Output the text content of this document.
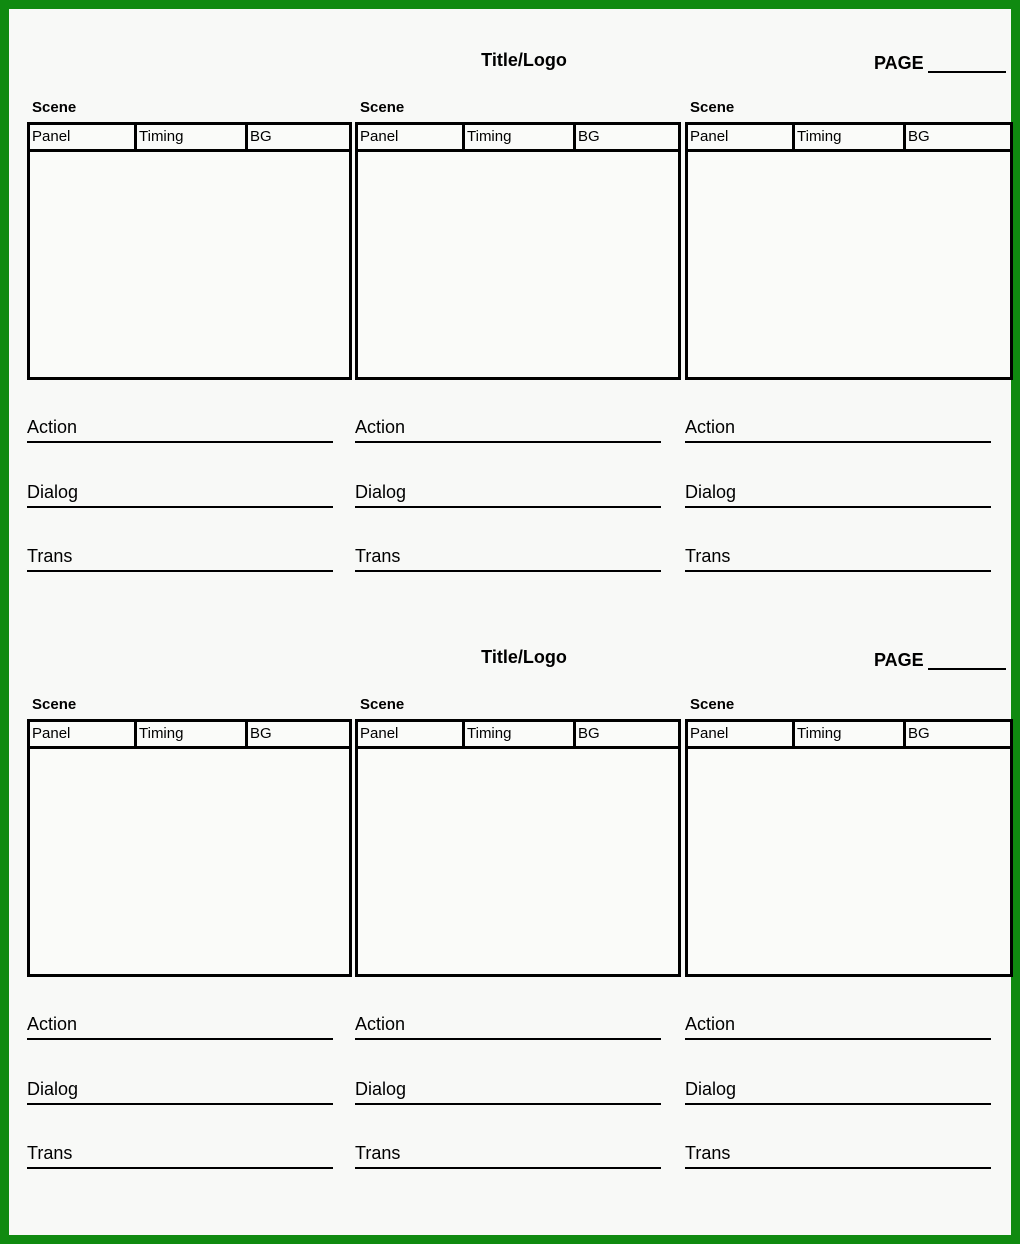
Title/Logo	PAGE
Scene
Panel	Timing	BG
Action
Dialog
Trans
Scene
Panel	Timing	BG
Action
Dialog
Trans
Scene
Panel	Timing	BG
Action
Dialog
Trans
Title/Logo	PAGE
Scene
Panel	Timing	BG
Action
Dialog
Trans
Scene
Panel	Timing	BG
Action
Dialog
Trans
Scene
Panel	Timing	BG
Action
Dialog
Trans
